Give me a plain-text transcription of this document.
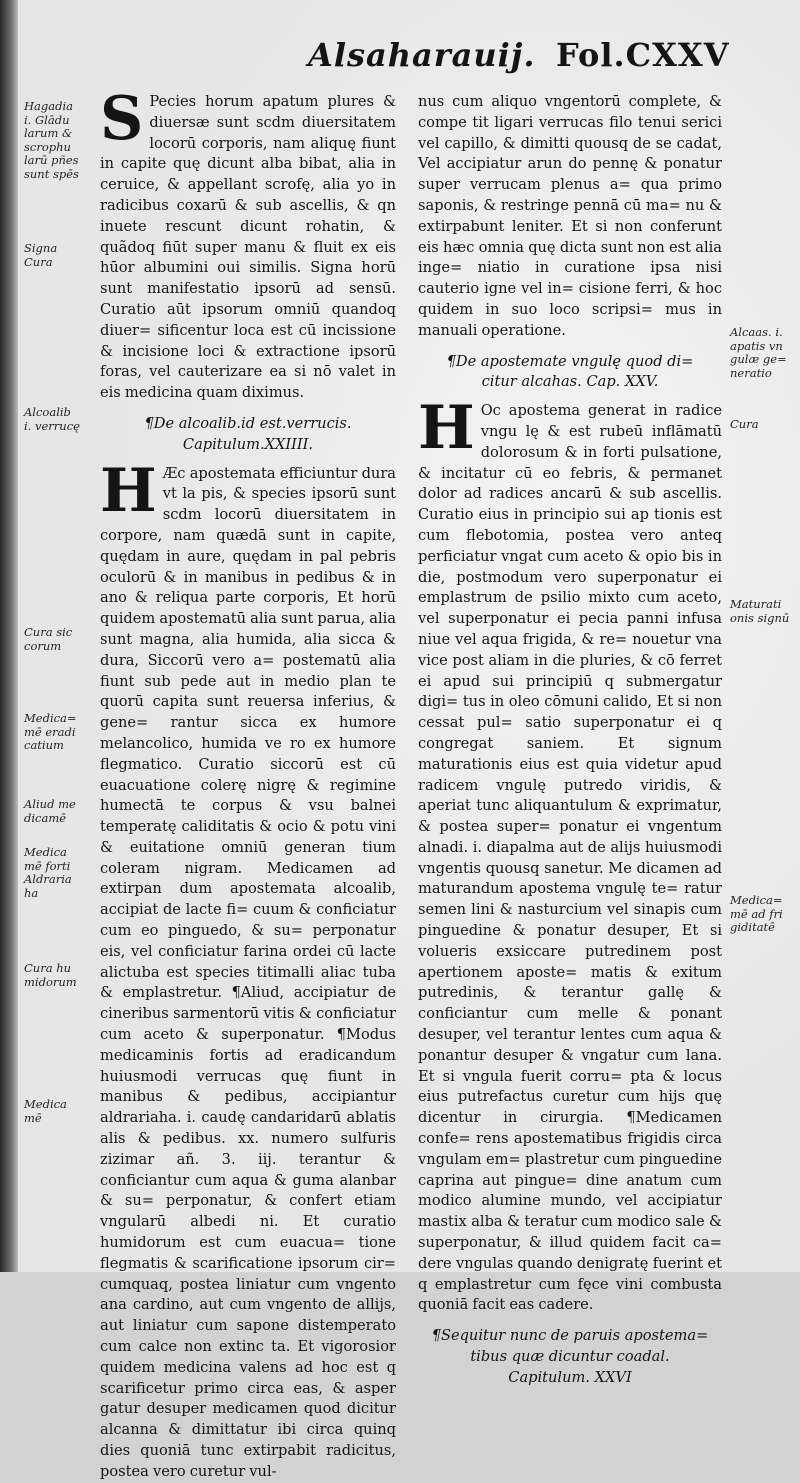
Alsaharauij. Fol.CXXV

Hagadia
i. Glādu
larum &
scrophu
larū pñes
sunt spēs

Signa
Cura

Alcoalib
i. verrucę

Cura sic
corum

Medica=
mē eradi
catium

Aliud me
dicamē

Medica
mē forti
Aldraria
ha

Cura hu
midorum

Medica
mē

Alcaas. i.
apatis vn
gulæ ge=
neratio

Cura

Maturati
onis signū

Medica=
mē ad fri
giditatē

S Pecies horum apatum plures & diuersæ sunt scdm diuersitatem locorū corporis, nam aliquę fiunt in capite quę dicunt alba bibat, alia in ceruice, & appellant scrofę, alia yo in radicibus coxarū & sub ascellis, & qn inuete rescunt dicunt rohatin, & quãdoq fiūt super manu & fluit ex eis hūor albumini oui similis. Signa horū sunt manifestatio ipsorū ad sensū. Curatio aūt ipsorum omniū quandoq diuer= sificentur loca est cū incissione & incisione loci & extractione ipsorū foras, vel cauterizare ea si nō valet in eis medicina quam diximus.

¶De alcoalib.id est.verrucis.
Capitulum.XXIIII.

H Æc apostemata efficiuntur dura vt la pis, & species ipsorū sunt scdm locorū diuersitatem in corpore, nam quædā sunt in capite, quędam in aure, quędam in pal pebris oculorū & in manibus in pedibus & in ano & reliqua parte corporis, Et horū quidem apostematū alia sunt parua, alia sunt magna, alia humida, alia sicca & dura, Siccorū vero a= postematū alia fiunt sub pede aut in medio plan te quorū capita sunt reuersa inferius, & gene= rantur sicca ex humore melancolico, humida ve ro ex humore flegmatico. Curatio siccorū est cū euacuatione colerę nigrę & regimine humectā te corpus & vsu balnei temperatę caliditatis & ocio & potu vini & euitatione omniū generan tium coleram nigram. Medicamen ad extirpan dum apostemata alcoalib, accipiat de lacte fi= cuum & conficiatur cum eo pinguedo, & su= perponatur eis, vel conficiatur farina ordei cū lacte alictuba est species titimalli aliac tuba & emplastretur. ¶Aliud, accipiatur de cineribus sarmentorū vitis & conficiatur cum aceto & superponatur. ¶Modus medicaminis fortis ad eradicandum huiusmodi verrucas quę fiunt in manibus & pedibus, accipiantur aldrariaha. i. caudę candaridarū ablatis alis & pedibus. xx. numero sulfuris zizimar añ. 3. iij. terantur & conficiantur cum aqua & guma alanbar & su= perponatur, & confert etiam vngularū albedi ni. Et curatio humidorum est cum euacua= tione flegmatis & scarificatione ipsorum cir= cumquaq, postea liniatur cum vngento ana cardino, aut cum vngento de allijs, aut liniatur cum sapone distemperato cum calce non extinc ta. Et vigorosior quidem medicina valens ad hoc est q scarificetur primo circa eas, & asper gatur desuper medicamen quod dicitur alcanna & dimittatur ibi circa quinq dies quoniā tunc extirpabit radicitus, postea vero curetur vul-

nus cum aliquo vngentorū complete, & compe tit ligari verrucas filo tenui serici vel capillo, & dimitti quousq de se cadat, Vel accipiatur arun do pennę & ponatur super verrucam plenus a= qua primo saponis, & restringe pennā cū ma= nu & extirpabunt leniter. Et si non conferunt eis hæc omnia quę dicta sunt non est alia inge= niatio in curatione ipsa nisi cauterio igne vel in= cisione ferri, & hoc quidem in suo loco scripsi= mus in manuali operatione.

¶De apostemate vngulę quod di=
citur alcahas. Cap. XXV.

H Oc apostema generat in radice vngu lę & est rubeū inflāmatū dolorosum & in forti pulsatione, & incitatur cū eo febris, & permanet dolor ad radices ancarū & sub ascellis. Curatio eius in principio sui ap tionis est cum flebotomia, postea vero anteq perficiatur vngat cum aceto & opio bis in die, postmodum vero superponatur ei emplastrum de psilio mixto cum aceto, vel superponatur ei pecia panni infusa niue vel aqua frigida, & re= nouetur vna vice post aliam in die pluries, & cō ferret ei apud sui principiū q submergatur digi= tus in oleo cōmuni calido, Et si non cessat pul= satio superponatur ei q congregat saniem. Et signum maturationis eius est quia videtur apud radicem vngulę putredo viridis, & aperiat tunc aliquantulum & exprimatur, & postea super= ponatur ei vngentum alnadi. i. diapalma aut de alijs huiusmodi vngentis quousq sanetur. Me dicamen ad maturandum apostema vngulę te= ratur semen lini & nasturcium vel sinapis cum pinguedine & ponatur desuper, Et si volueris exsiccare putredinem post apertionem aposte= matis & exitum putredinis, & terantur gallę & conficiantur cum melle & ponant desuper, vel terantur lentes cum aqua & ponantur desuper & vngatur cum lana. Et si vngula fuerit corru= pta & locus eius putrefactus curetur cum hijs quę dicentur in cirurgia. ¶Medicamen confe= rens apostematibus frigidis circa vngulam em= plastretur cum pinguedine caprina aut pingue= dine anatum cum modico alumine mundo, vel accipiatur mastix alba & teratur cum modico sale & superponatur, & illud quidem facit ca= dere vngulas quando denigratę fuerint et q emplastretur cum fęce vini combusta quoniā facit eas cadere.

¶Sequitur nunc de paruis apostema=
tibus quæ dicuntur coadal.
Capitulum. XXVI
